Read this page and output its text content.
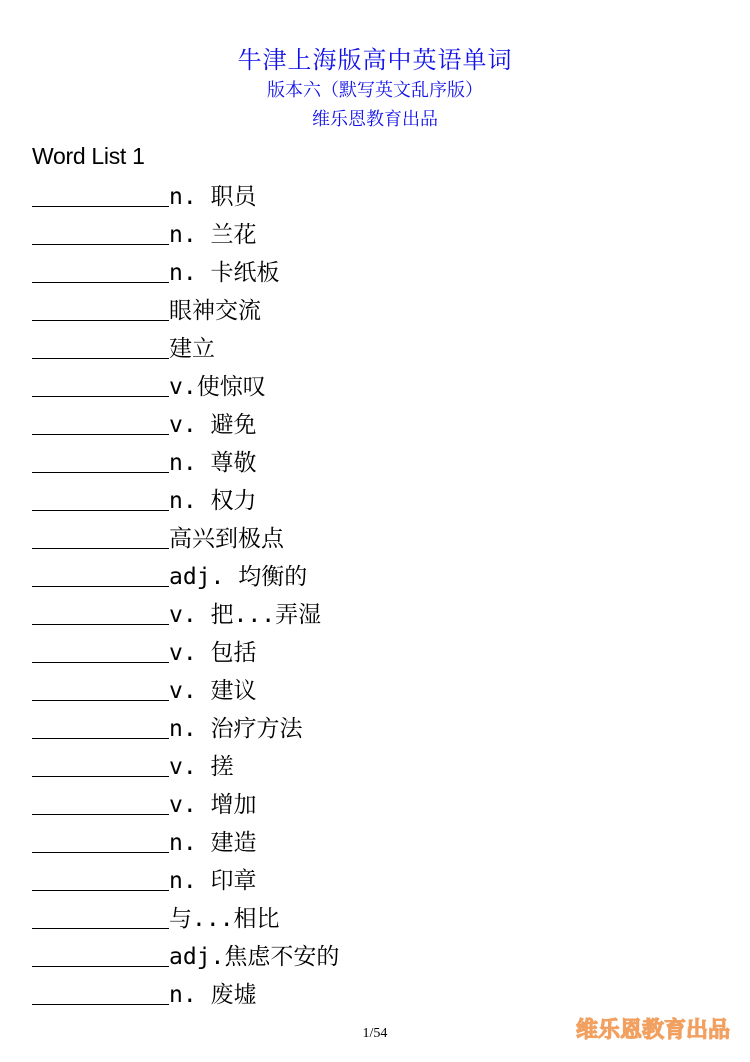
牛津上海版高中英语单词
版本六（默写英文乱序版）
维乐恩教育出品
Word List 1
n. 职员
n. 兰花
n. 卡纸板
眼神交流
建立
v.使惊叹
v. 避免
n. 尊敬
n. 权力
高兴到极点
adj. 均衡的
v. 把...弄湿
v. 包括
v. 建议
n. 治疗方法
v. 搓
v. 增加
n. 建造
n. 印章
与...相比
adj.焦虑不安的
n. 废墟
1/54	维乐恩教育出品
